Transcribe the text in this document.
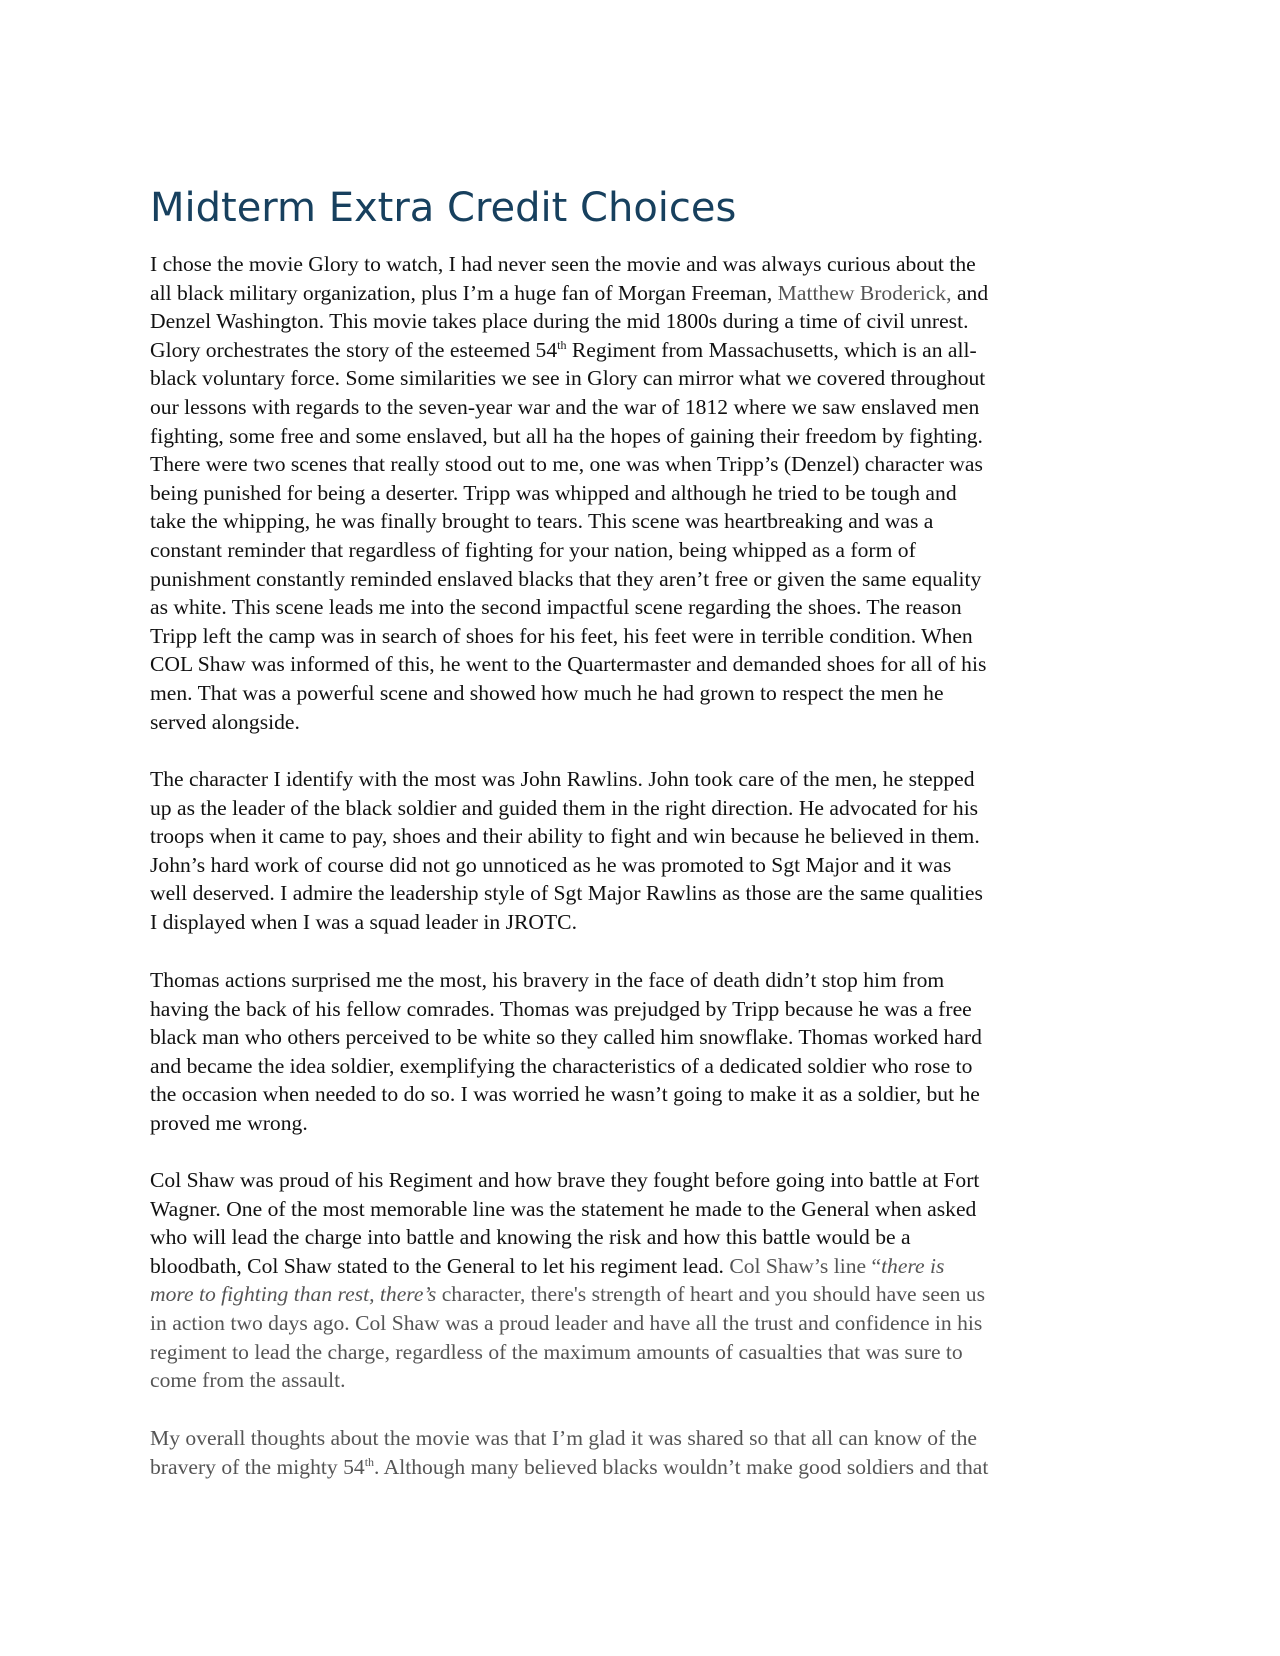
Midterm Extra Credit Choices
I chose the movie Glory to watch, I had never seen the movie and was always curious about the
all black military organization, plus I’m a huge fan of Morgan Freeman, Matthew Broderick, and
Denzel Washington. This movie takes place during the mid 1800s during a time of civil unrest.
Glory orchestrates the story of the esteemed 54th Regiment from Massachusetts, which is an all-
black voluntary force. Some similarities we see in Glory can mirror what we covered throughout
our lessons with regards to the seven-year war and the war of 1812 where we saw enslaved men
fighting, some free and some enslaved, but all ha the hopes of gaining their freedom by fighting.
There were two scenes that really stood out to me, one was when Tripp’s (Denzel) character was
being punished for being a deserter. Tripp was whipped and although he tried to be tough and
take the whipping, he was finally brought to tears. This scene was heartbreaking and was a
constant reminder that regardless of fighting for your nation, being whipped as a form of
punishment constantly reminded enslaved blacks that they aren’t free or given the same equality
as white. This scene leads me into the second impactful scene regarding the shoes. The reason
Tripp left the camp was in search of shoes for his feet, his feet were in terrible condition. When
COL Shaw was informed of this, he went to the Quartermaster and demanded shoes for all of his
men. That was a powerful scene and showed how much he had grown to respect the men he
served alongside.
The character I identify with the most was John Rawlins. John took care of the men, he stepped
up as the leader of the black soldier and guided them in the right direction. He advocated for his
troops when it came to pay, shoes and their ability to fight and win because he believed in them.
John’s hard work of course did not go unnoticed as he was promoted to Sgt Major and it was
well deserved. I admire the leadership style of Sgt Major Rawlins as those are the same qualities
I displayed when I was a squad leader in JROTC.
Thomas actions surprised me the most, his bravery in the face of death didn’t stop him from
having the back of his fellow comrades. Thomas was prejudged by Tripp because he was a free
black man who others perceived to be white so they called him snowflake. Thomas worked hard
and became the idea soldier, exemplifying the characteristics of a dedicated soldier who rose to
the occasion when needed to do so. I was worried he wasn’t going to make it as a soldier, but he
proved me wrong.
Col Shaw was proud of his Regiment and how brave they fought before going into battle at Fort
Wagner. One of the most memorable line was the statement he made to the General when asked
who will lead the charge into battle and knowing the risk and how this battle would be a
bloodbath, Col Shaw stated to the General to let his regiment lead. Col Shaw’s line “there is
more to fighting than rest, there’s character, there's strength of heart and you should have seen us
in action two days ago. Col Shaw was a proud leader and have all the trust and confidence in his
regiment to lead the charge, regardless of the maximum amounts of casualties that was sure to
come from the assault.
My overall thoughts about the movie was that I’m glad it was shared so that all can know of the
bravery of the mighty 54th. Although many believed blacks wouldn’t make good soldiers and that
